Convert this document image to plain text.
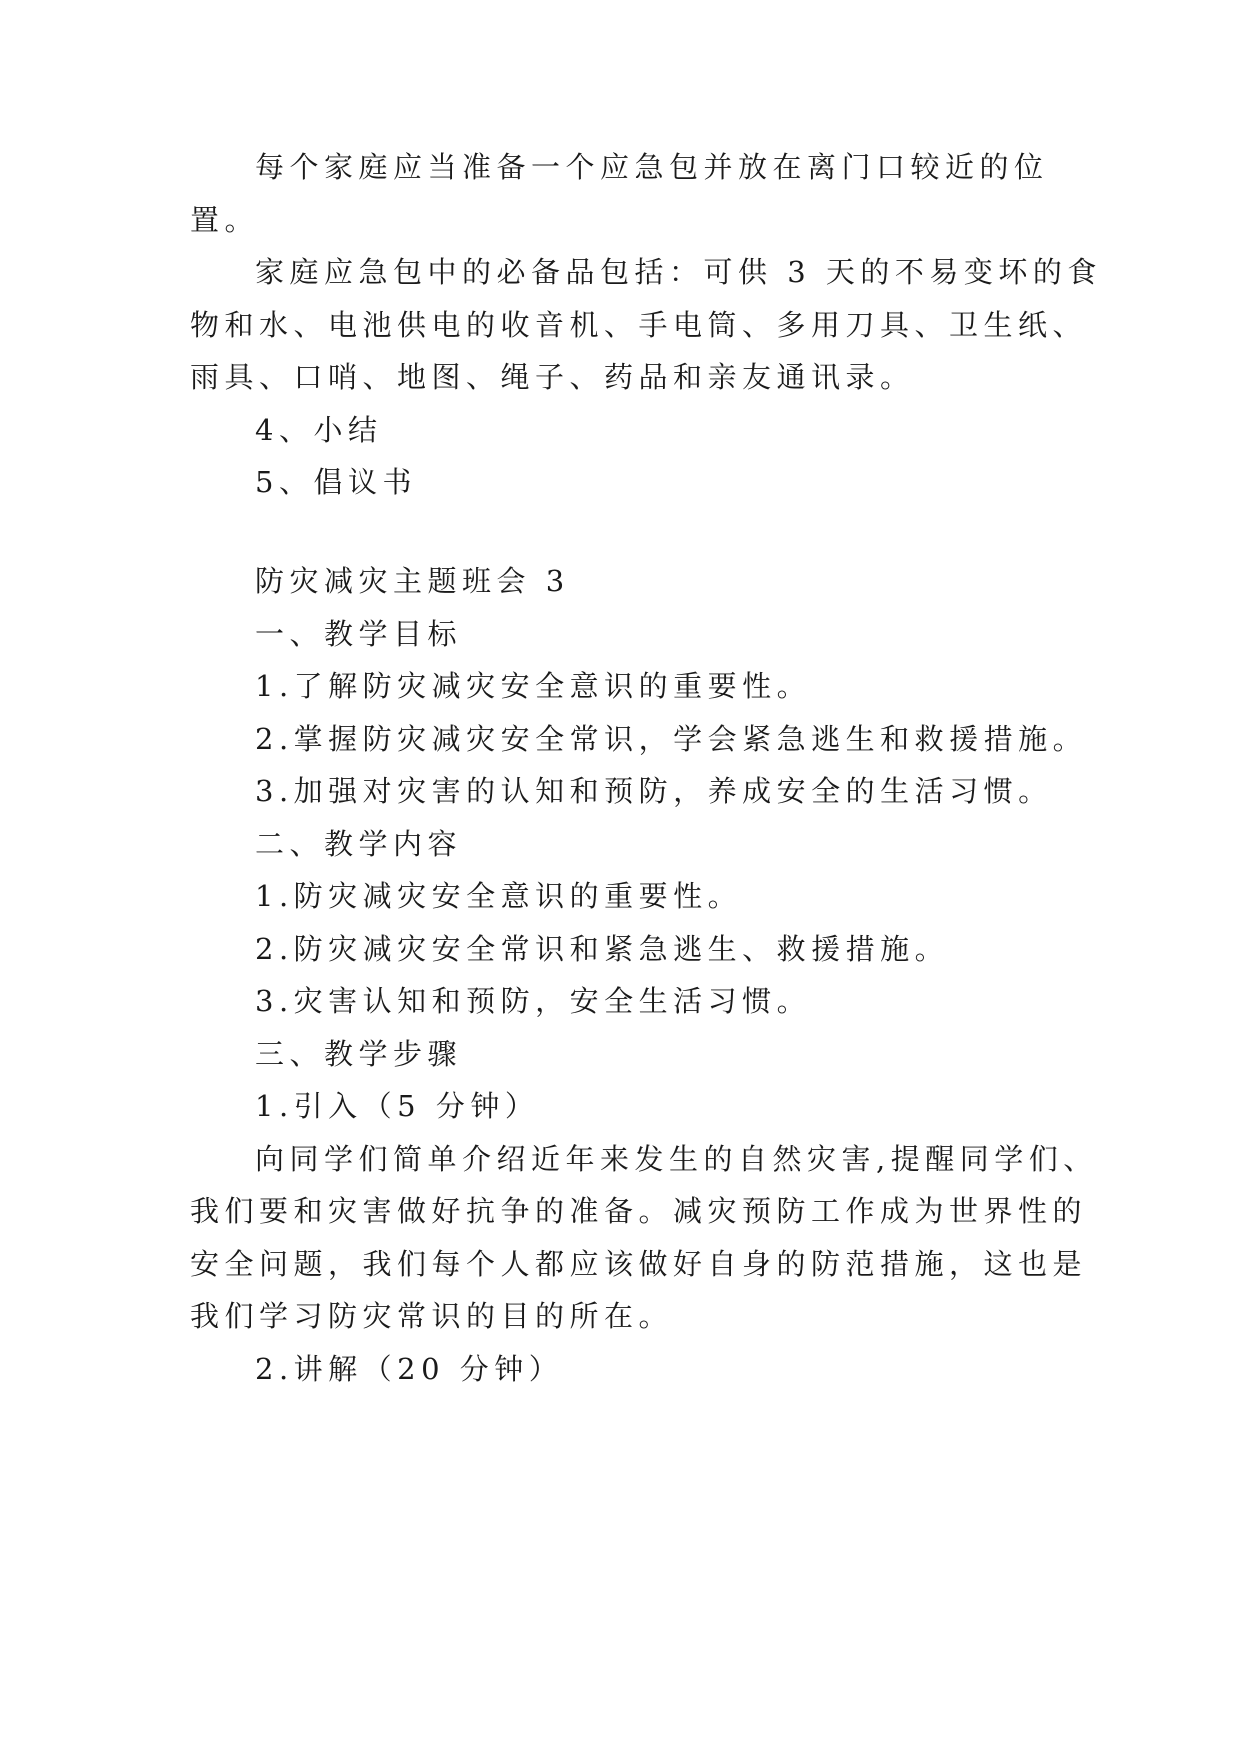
每个家庭应当准备一个应急包并放在离门口较近的位
置。
家庭应急包中的必备品包括：可供 3 天的不易变坏的食
物和水、电池供电的收音机、手电筒、多用刀具、卫生纸、
雨具、口哨、地图、绳子、药品和亲友通讯录。
4、小结
5、倡议书
防灾减灾主题班会 3
一、教学目标
1.了解防灾减灾安全意识的重要性。
2.掌握防灾减灾安全常识，学会紧急逃生和救援措施。
3.加强对灾害的认知和预防，养成安全的生活习惯。
二、教学内容
1.防灾减灾安全意识的重要性。
2.防灾减灾安全常识和紧急逃生、救援措施。
3.灾害认知和预防，安全生活习惯。
三、教学步骤
1.引入（5 分钟）
向同学们简单介绍近年来发生的自然灾害,提醒同学们、
我们要和灾害做好抗争的准备。减灾预防工作成为世界性的
安全问题，我们每个人都应该做好自身的防范措施，这也是
我们学习防灾常识的目的所在。
2.讲解（20 分钟）
